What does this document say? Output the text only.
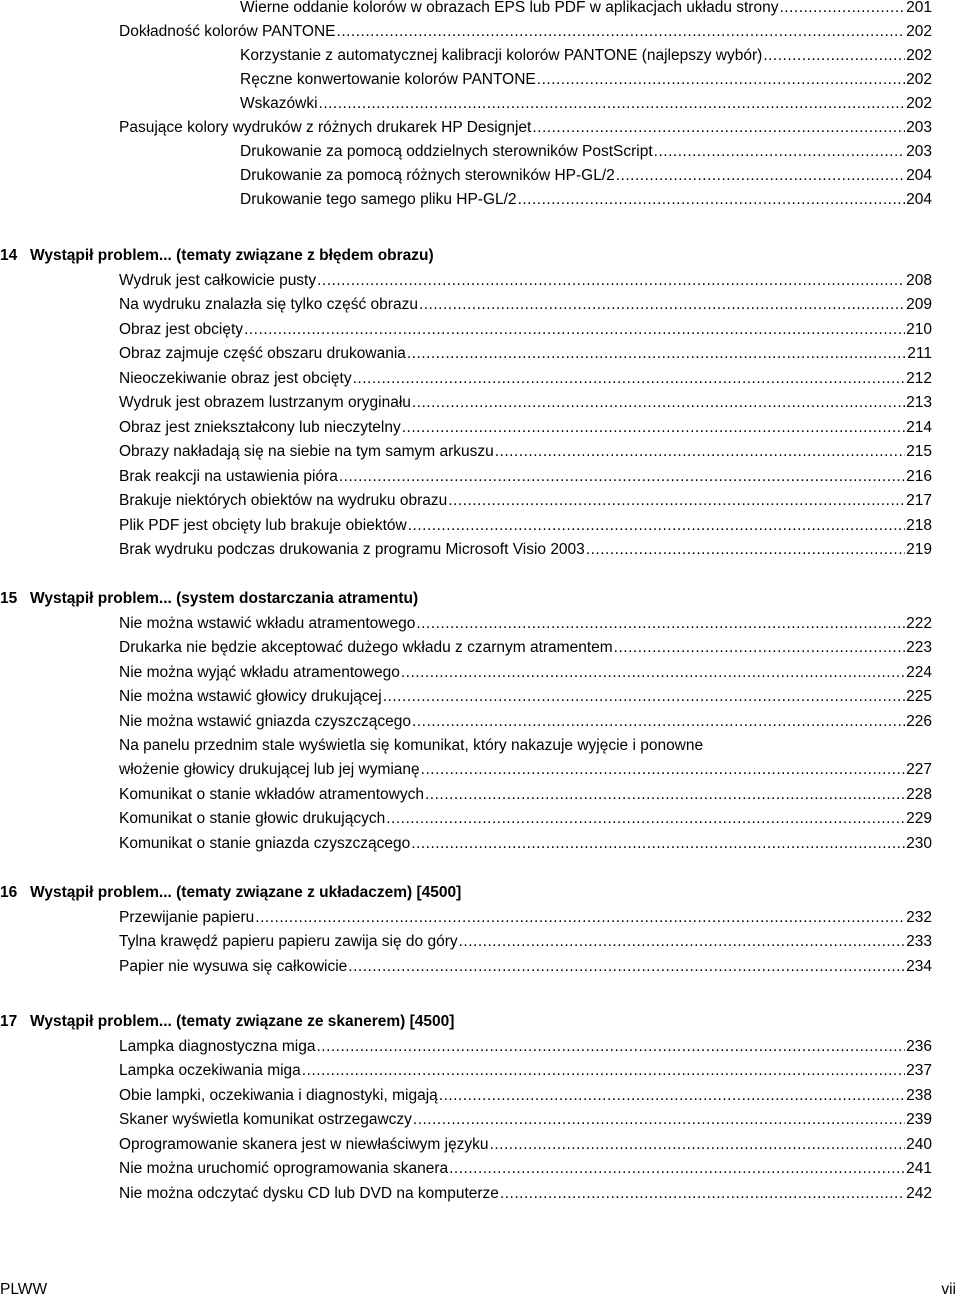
Wierne oddanie kolorów w obrazach EPS lub PDF w aplikacjach układu strony .....	201
Dokładność kolorów PANTONE .....	202
Korzystanie z automatycznej kalibracji kolorów PANTONE (najlepszy wybór) .....	202
Ręczne konwertowanie kolorów PANTONE .....	202
Wskazówki .....	202
Pasujące kolory wydruków z różnych drukarek HP Designjet .....	203
Drukowanie za pomocą oddzielnych sterowników PostScript .....	203
Drukowanie za pomocą różnych sterowników HP-GL/2 .....	204
Drukowanie tego samego pliku HP-GL/2 .....	204
14 Wystąpił problem... (tematy związane z błędem obrazu)
Wydruk jest całkowicie pusty .....	208
Na wydruku znalazła się tylko część obrazu .....	209
Obraz jest obcięty .....	210
Obraz zajmuje część obszaru drukowania .....	211
Nieoczekiwanie obraz jest obcięty .....	212
Wydruk jest obrazem lustrzanym oryginału .....	213
Obraz jest zniekształcony lub nieczytelny .....	214
Obrazy nakładają się na siebie na tym samym arkuszu .....	215
Brak reakcji na ustawienia pióra .....	216
Brakuje niektórych obiektów na wydruku obrazu .....	217
Plik PDF jest obcięty lub brakuje obiektów .....	218
Brak wydruku podczas drukowania z programu Microsoft Visio 2003 .....	219
15 Wystąpił problem... (system dostarczania atramentu)
Nie można wstawić wkładu atramentowego .....	222
Drukarka nie będzie akceptować dużego wkładu z czarnym atramentem .....	223
Nie można wyjąć wkładu atramentowego .....	224
Nie można wstawić głowicy drukującej .....	225
Nie można wstawić gniazda czyszczącego .....	226
Na panelu przednim stale wyświetla się komunikat, który nakazuje wyjęcie i ponowne
włożenie głowicy drukującej lub jej wymianę .....	227
Komunikat o stanie wkładów atramentowych .....	228
Komunikat o stanie głowic drukujących .....	229
Komunikat o stanie gniazda czyszczącego .....	230
16 Wystąpił problem... (tematy związane z układaczem) [4500]
Przewijanie papieru .....	232
Tylna krawędź papieru papieru zawija się do góry .....	233
Papier nie wysuwa się całkowicie .....	234
17 Wystąpił problem... (tematy związane ze skanerem) [4500]
Lampka diagnostyczna miga .....	236
Lampka oczekiwania miga .....	237
Obie lampki, oczekiwania i diagnostyki, migają .....	238
Skaner wyświetla komunikat ostrzegawczy .....	239
Oprogramowanie skanera jest w niewłaściwym języku .....	240
Nie można uruchomić oprogramowania skanera .....	241
Nie można odczytać dysku CD lub DVD na komputerze .....	242
PLWW	vii
